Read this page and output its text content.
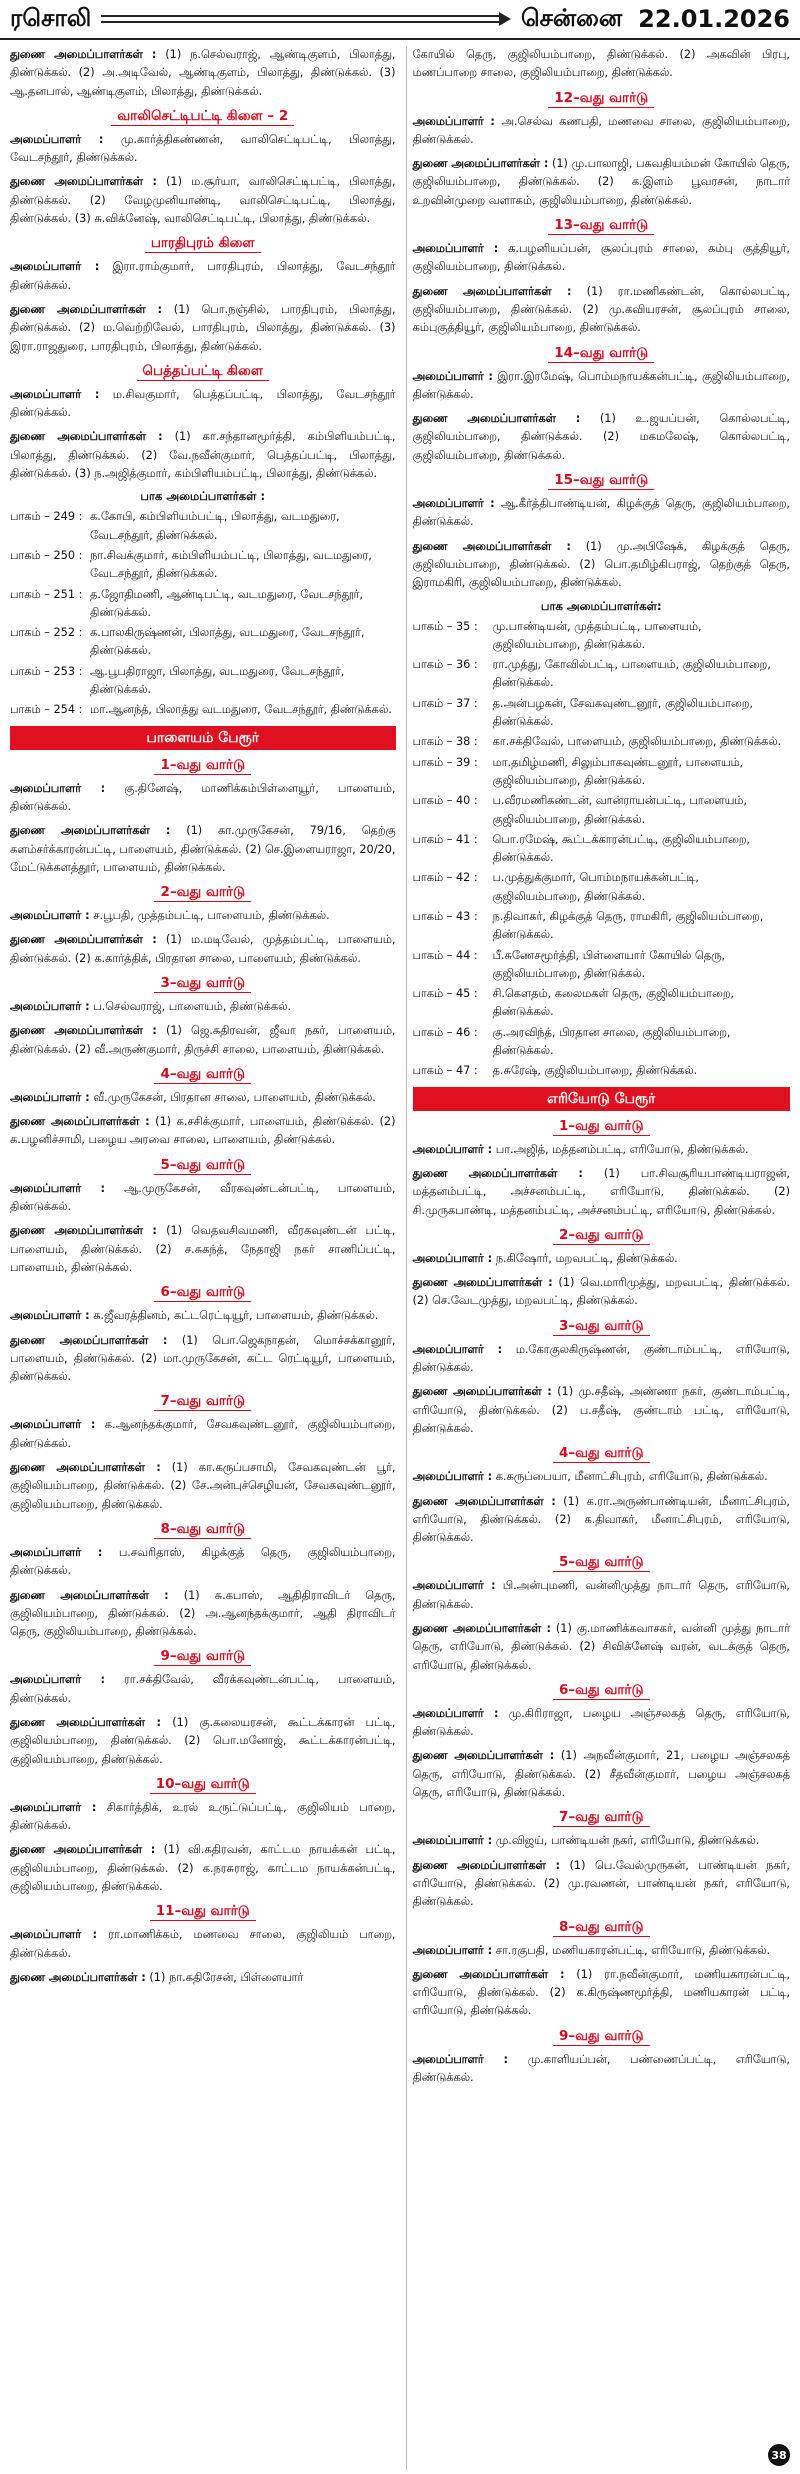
ரசொலி	சென்னை 22.01.2026
துணை அமைப்பாளர்கள் : (1) ந.செல்வராஜ், ஆண்டிகுளம், பிலாத்து, திண்டுக்கல். (2) அ.அடிவேல், ஆண்டிகுளம், பிலாத்து, திண்டுக்கல். (3) ஆ.தனபால், ஆண்டிகுளம், பிலாத்து, திண்டுக்கல்.
வாலிசெட்டிபட்டி கிளை – 2
அமைப்பாளர் : மு.கார்த்திகண்ணன், வாலிசெட்டிபட்டி, பிலாத்து, வேடசந்தூர், திண்டுக்கல்.
துணை அமைப்பாளர்கள் : (1) ம.சூர்யா, வாலிசெட்டிபட்டி, பிலாத்து, திண்டுக்கல். (2) வேழமுனியாண்டி, வாலிசெட்டிபட்டி, பிலாத்து, திண்டுக்கல். (3) சு.விக்னேஷ், வாலிசெட்டிபட்டி, பிலாத்து, திண்டுக்கல்.
பாரதிபுரம் கிளை
அமைப்பாளர் : இரா.ராம்குமார், பாரதிபுரம், பிலாத்து, வேடசந்தூர் திண்டுக்கல்.
துணை அமைப்பாளர்கள் : (1) பொ.நஞ்சில், பாரதிபுரம், பிலாத்து, திண்டுக்கல். (2) ம.வெற்றிவேல், பாரதிபுரம், பிலாத்து, திண்டுக்கல். (3) இரா.ராஜதுரை, பாரதிபுரம், பிலாத்து, திண்டுக்கல்.
பெத்தப்பட்டி கிளை
அமைப்பாளர் : ம.சிவகுமார், பெத்தப்பட்டி, பிலாத்து, வேடசந்தூர் திண்டுக்கல்.
துணை அமைப்பாளர்கள் : (1) கா.சந்தானமூர்த்தி, கம்பிளியம்பட்டி, பிலாத்து, திண்டுக்கல். (2) வே.நவீன்குமார், பெத்தப்பட்டி, பிலாத்து, திண்டுக்கல். (3) ந.அஜித்குமார், கம்பிளியம்பட்டி, பிலாத்து, திண்டுக்கல்.
பாக அமைப்பாளர்கள் :
பாகம் – 249 : க.கோபி, கம்பிளியம்பட்டி, பிலாத்து, வடமதுரை, வேடசந்தூர், திண்டுக்கல்.
பாகம் – 250 : நா.சிவக்குமார், கம்பிளியம்பட்டி, பிலாத்து, வடமதுரை, வேடசந்தூர், திண்டுக்கல்.
பாகம் – 251 : த.ஜோதிமணி, ஆண்டிபட்டி, வடமதுரை, வேடசந்தூர், திண்டுக்கல்.
பாகம் – 252 : க.பாலகிருஷ்ணன், பிலாத்து, வடமதுரை, வேடசந்தூர், திண்டுக்கல்.
பாகம் – 253 : ஆ.பூபதிராஜா, பிலாத்து, வடமதுரை, வேடசந்தூர், திண்டுக்கல்.
பாகம் – 254 : மா.ஆனந்த், பிலாத்து வடமதுரை, வேடசந்தூர், திண்டுக்கல்.
பாளையம் பேரூர்
1–வது வார்டு
அமைப்பாளர் : கு.தினேஷ், மாணிக்கம்பிள்ளையூர், பாளையம், திண்டுக்கல்.
துணை அமைப்பாளர்கள் : (1) கா.முருகேசன், 79/16, தெற்கு களம்சர்க்காரன்பட்டி, பாளையம், திண்டுக்கல். (2) செ.இளையராஜா, 20/20, மேட்டுக்களத்தூர், பாளையம், திண்டுக்கல்.
2–வது வார்டு
அமைப்பாளர் : ச.பூபதி, முத்தம்பட்டி, பாளையம், திண்டுக்கல்.
துணை அமைப்பாளர்கள் : (1) ம.மடிவேல், முத்தம்பட்டி, பாளையம், திண்டுக்கல். (2) க.கார்த்திக், பிரதான சாலை, பாளையம், திண்டுக்கல்.
3–வது வார்டு
அமைப்பாளர் : ப.செல்வராஜ், பாளையம், திண்டுக்கல்.
துணை அமைப்பாளர்கள் : (1) ஜெ.கதிரவன், ஜீவா நகர், பாளையம், திண்டுக்கல். (2) வீ.அருண்குமார், திருச்சி சாலை, பாளையம், திண்டுக்கல்.
4–வது வார்டு
அமைப்பாளர் : வீ.முருகேசன், பிரதான சாலை, பாளையம், திண்டுக்கல்.
துணை அமைப்பாளர்கள் : (1) க.சசிக்குமார், பாளையம், திண்டுக்கல். (2) க.பழனிச்சாமி, பழைய அரவை சாலை, பாளையம், திண்டுக்கல்.
5–வது வார்டு
அமைப்பாளர் : ஆ.முருகேசன், வீரகவுண்டன்பட்டி, பாளையம், திண்டுக்கல்.
துணை அமைப்பாளர்கள் : (1) வெதவசிவமணி, வீரகவுண்டன் பட்டி, பாளையம், திண்டுக்கல். (2) ச.சுகந்த், நேதாஜி நகர் சாணிப்பட்டி, பாளையம், திண்டுக்கல்.
6–வது வார்டு
அமைப்பாளர் : க.ஜீவரத்தினம், கட்டரெட்டியூர், பாளையம், திண்டுக்கல்.
துணை அமைப்பாளர்கள் : (1) பொ.ஜெகநாதன், மொச்சக்கானூர், பாளையம், திண்டுக்கல். (2) மா.முருகேசன், கட்ட ரெட்டியூர், பாளையம், திண்டுக்கல்.
7–வது வார்டு
அமைப்பாளர் : க.ஆனந்தக்குமார், சேவகவுண்டனூர், குஜிலியம்பாறை, திண்டுக்கல்.
துணை அமைப்பாளர்கள் : (1) கா.கருப்பசாமி, சேவகவுண்டன் பூர், குஜிலியம்பாறை, திண்டுக்கல். (2) சே.அன்புச்செழியன், சேவகவுண்டனூர், குஜிலியம்பாறை, திண்டுக்கல்.
8–வது வார்டு
அமைப்பாளர் : ப.சவரிதாஸ், கிழக்குத் தெரு, குஜிலியம்பாறை, திண்டுக்கல்.
துணை அமைப்பாளர்கள் : (1) சு.கபாஸ், ஆதிதிராவிடர் தெரு, குஜிலியம்பாறை, திண்டுக்கல். (2) அ.ஆனந்தக்குமார், ஆதி திராவிடர் தெரு, குஜிலியம்பாறை, திண்டுக்கல்.
9–வது வார்டு
அமைப்பாளர் : ரா.சக்திவேல், வீரக்கவுண்டன்பட்டி, பாளையம், திண்டுக்கல்.
துணை அமைப்பாளர்கள் : (1) கு.கலையரசன், கூட்டக்காரன் பட்டி, குஜிலியம்பாறை, திண்டுக்கல். (2) பொ.மனோஜ், கூட்டக்காரன்பட்டி, குஜிலியம்பாறை, திண்டுக்கல்.
10–வது வார்டு
அமைப்பாளர் : சிகார்த்திக், உரல் உருட்டுப்பட்டி, குஜிலியம் பாறை, திண்டுக்கல்.
துணை அமைப்பாளர்கள் : (1) வி.கதிரவன், காட்டம நாயக்கன் பட்டி, குஜிலியம்பாறை, திண்டுக்கல். (2) க.நரசுராஜ், காட்டம நாயக்கன்பட்டி, குஜிலியம்பாறை, திண்டுக்கல்.
11–வது வார்டு
அமைப்பாளர் : ரா.மாணிக்கம், மணவை சாலை, குஜிலியம் பாறை, திண்டுக்கல்.
துணை அமைப்பாளர்கள் : (1) நா.கதிரேசன், பிள்ளையார்
கோயில் தெரு, குஜிலியம்பாறை, திண்டுக்கல். (2) அகவின் பிரபு, மணப்பாறை சாலை, குஜிலியம்பாறை, திண்டுக்கல்.
12–வது வார்டு
அமைப்பாளர் : அ.செல்வ கணபதி, மணவை சாலை, குஜிலியம்பாறை, திண்டுக்கல்.
துணை அமைப்பாளர்கள் : (1) மு.பாலாஜி, பகவதியம்மன் கோயில் தெரு, குஜிலியம்பாறை, திண்டுக்கல். (2) க.இளம் பூவரசன், நாடார் உறவின்முறை வளாகம், குஜிலியம்பாறை, திண்டுக்கல்.
13–வது வார்டு
அமைப்பாளர் : க.பழனியப்பன், சூலப்புரம் சாலை, கம்பு குத்தியூர், குஜிலியம்பாறை, திண்டுக்கல்.
துணை அமைப்பாளர்கள் : (1) ரா.மணிகண்டன், கொல்லபட்டி, குஜிலியம்பாறை, திண்டுக்கல். (2) மு.கவியரசன், சூலப்புரம் சாலை, கம்புகுத்தியூர், குஜிலியம்பாறை, திண்டுக்கல்.
14–வது வார்டு
அமைப்பாளர் : இரா.இரமேஷ், பொம்மநாயக்கன்பட்டி, குஜிலியம்பாறை, திண்டுக்கல்.
துணை அமைப்பாளர்கள் : (1) உ.ஜயப்பன், கொல்லபட்டி, குஜிலியம்பாறை, திண்டுக்கல். (2) மகமலேஷ், கொல்லபட்டி, குஜிலியம்பாறை, திண்டுக்கல்.
15–வது வார்டு
அமைப்பாளர் : ஆ.கீர்த்திபாண்டியன், கிழக்குத் தெரு, குஜிலியம்பாறை, திண்டுக்கல்.
துணை அமைப்பாளர்கள் : (1) மு.அபிஷேக், கிழக்குத் தெரு, குஜிலியம்பாறை, திண்டுக்கல். (2) பொ.தமிழ்கிபராஜ், தெற்குத் தெரு, இராமகிரி, குஜிலியம்பாறை, திண்டுக்கல்.
பாக அமைப்பாளர்கள்:
பாகம் – 35 :	மு.பாண்டியன், முத்தம்பட்டி, பாளையம், குஜிலியம்பாறை, திண்டுக்கல்.
பாகம் – 36 :	ரா.முத்து, கோவில்பட்டி, பாளையம், குஜிலியம்பாறை, திண்டுக்கல்.
பாகம் – 37 :	த.அன்பழகன், சேவகவுண்டனூர், குஜிலியம்பாறை, திண்டுக்கல்.
பாகம் – 38 :	கா.சக்திவேல், பாளையம், குஜிலியம்பாறை, திண்டுக்கல்.
பாகம் – 39 :	மா.தமிழ்மணி, சிலும்பாகவுண்டனூர், பாளையம், குஜிலியம்பாறை, திண்டுக்கல்.
பாகம் – 40 :	ப.வீரமணிகண்டன், வான்ராயன்பட்டி, பாளையம், குஜிலியம்பாறை, திண்டுக்கல்.
பாகம் – 41 :	பொ.ரமேஷ், கூட்டக்காரன்பட்டி, குஜிலியம்பாறை, திண்டுக்கல்.
பாகம் – 42 :	ப.முத்துக்குமார், பொம்மநாயக்கன்பட்டி, குஜிலியம்பாறை, திண்டுக்கல்.
பாகம் – 43 :	ந.திவாகர், கிழக்குத் தெரு, ராமகிரி, குஜிலியம்பாறை, திண்டுக்கல்.
பாகம் – 44 :	பீ.சுணேசமூர்த்தி, பிள்ளையார் கோயில் தெரு, குஜிலியம்பாறை, திண்டுக்கல்.
பாகம் – 45 :	சி.கௌதம், கலைமகள் தெரு, குஜிலியம்பாறை, திண்டுக்கல்.
பாகம் – 46 :	கு.அரவிந்த், பிரதான சாலை, குஜிலியம்பாறை, திண்டுக்கல்.
பாகம் – 47 :	த.சுரேஷ், குஜிலியம்பாறை, திண்டுக்கல்.
எரியோடு பேரூர்
1–வது வார்டு
அமைப்பாளர் : பா.அஜித், மத்தனம்பட்டி, எரியோடு, திண்டுக்கல்.
துணை அமைப்பாளர்கள் : (1) பா.சிவசூரியபாண்டியராஜன், மத்தனம்பட்டி, அச்சனம்பட்டி, எரியோடு, திண்டுக்கல். (2) சி.முருகபாண்டி, மத்தனம்பட்டி, அச்சனம்பட்டி, எரியோடு, திண்டுக்கல்.
2–வது வார்டு
அமைப்பாளர் : ந.கிஷோர், மறவபட்டி, திண்டுக்கல்.
துணை அமைப்பாளர்கள் : (1) வெ.மாரிமுத்து, மறவபட்டி, திண்டுக்கல். (2) செ.வேடமுத்து, மறவபட்டி, திண்டுக்கல்.
3–வது வார்டு
அமைப்பாளர் : ம.கோகுலகிருஷ்ணன், குண்டாம்பட்டி, எரியோடு, திண்டுக்கல்.
துணை அமைப்பாளர்கள் : (1) மு.சதீஷ், அண்ணா நகர், குண்டாம்பட்டி, எரியோடு, திண்டுக்கல். (2) ப.சதீஷ், குண்டாம் பட்டி, எரியோடு, திண்டுக்கல்.
4–வது வார்டு
அமைப்பாளர் : க.கருப்பையா, மீனாட்சிபுரம், எரியோடு, திண்டுக்கல்.
துணை அமைப்பாளர்கள் : (1) க.ரா.அருண்பாண்டியன், மீனாட்சிபுரம், எரியோடு, திண்டுக்கல். (2) க.திவாகர், மீனாட்சிபுரம், எரியோடு, திண்டுக்கல்.
5–வது வார்டு
அமைப்பாளர் : பி.அன்புமணி, வன்னிமுத்து நாடார் தெரு, எரியோடு, திண்டுக்கல்.
துணை அமைப்பாளர்கள் : (1) கு.மாணிக்கவாசகர், வன்னி முத்து நாடார் தெரு, எரியோடு, திண்டுக்கல். (2) சிவிக்னேஷ் வரன், வடக்குத் தெரு, எரியோடு, திண்டுக்கல்.
6–வது வார்டு
அமைப்பாளர் : மு.கிரிராஜா, பழைய அஞ்சலகத் தெரு, எரியோடு, திண்டுக்கல்.
துணை அமைப்பாளர்கள் : (1) அநவீன்குமார், 21, பழைய அஞ்சலகத் தெரு, எரியோடு, திண்டுக்கல். (2) சீதவீன்குமார், பழைய அஞ்சலகத் தெரு, எரியோடு, திண்டுக்கல்.
7–வது வார்டு
அமைப்பாளர் : மு.விஜய், பாண்டியன் நகர், எரியோடு, திண்டுக்கல்.
துணை அமைப்பாளர்கள் : (1) பெ.வேல்முருகன், பாண்டியன் நகர், எரியோடு, திண்டுக்கல். (2) மு.ரவணன், பாண்டியன் நகர், எரியோடு, திண்டுக்கல்.
8–வது வார்டு
அமைப்பாளர் : சா.ரகுபதி, மணியகாரன்பட்டி, எரியோடு, திண்டுக்கல்.
துணை அமைப்பாளர்கள் : (1) ரா.நவீன்குமார், மணியகாரன்பட்டி, எரியோடு, திண்டுக்கல். (2) க.கிருஷ்ணமூர்த்தி, மணியகாரன் பட்டி, எரியோடு, திண்டுக்கல்.
9–வது வார்டு
அமைப்பாளர் : மு.காளியப்பன், பண்ணைப்பட்டி, எரியோடு, திண்டுக்கல்.
38
